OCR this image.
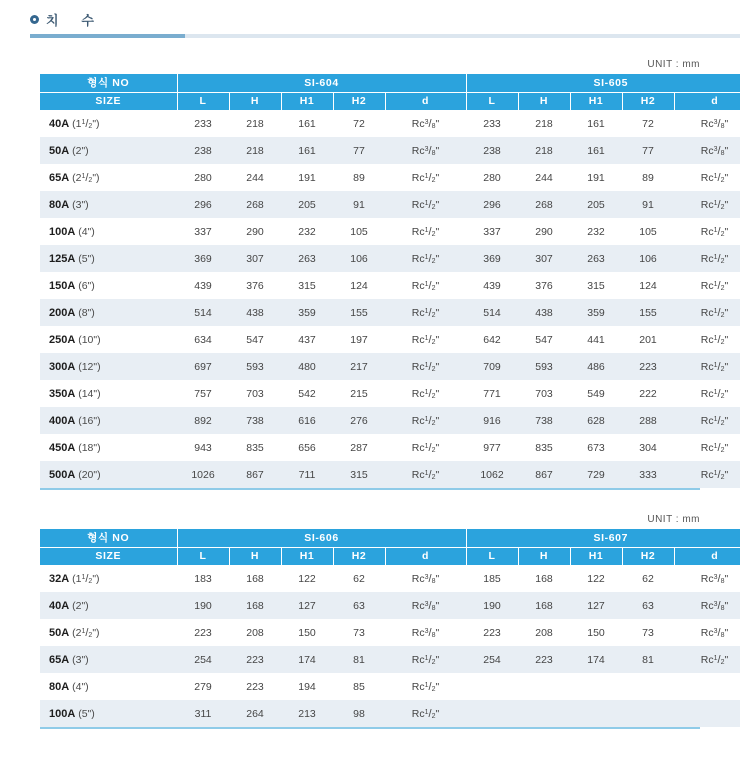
치   수
UNIT : mm
형식 NO	SI-604					SI-605				
SIZE	L	H	H1	H2	d	L	H	H1	H2	d
40A $(1^1/_2")$	233	218	161	72	$Rc^3/_8$"	233	218	161	72	$Rc^3/_8$"
50A (2")	238	218	161	77	$Rc^3/_8$"	238	218	161	77	$Rc^3/_8$"
65A $(2^1/_2")$	280	244	191	89	$Rc^1/_2$"	280	244	191	89	$Rc^1/_2$"
80A (3")	296	268	205	91	$Rc^1/_2$"	296	268	205	91	$Rc^1/_2$"
100A (4")	337	290	232	105	$Rc^1/_2$"	337	290	232	105	$Rc^1/_2$"
125A (5")	369	307	263	106	$Rc^1/_2$"	369	307	263	106	$Rc^1/_2$"
150A (6")	439	376	315	124	$Rc^1/_2$"	439	376	315	124	$Rc^1/_2$"
200A (8")	514	438	359	155	$Rc^1/_2$"	514	438	359	155	$Rc^1/_2$"
250A (10")	634	547	437	197	$Rc^1/_2$"	642	547	441	201	$Rc^1/_2$"
300A (12")	697	593	480	217	$Rc^1/_2$"	709	593	486	223	$Rc^1/_2$"
350A (14")	757	703	542	215	$Rc^1/_2$"	771	703	549	222	$Rc^1/_2$"
400A (16")	892	738	616	276	$Rc^1/_2$"	916	738	628	288	$Rc^1/_2$"
450A (18")	943	835	656	287	$Rc^1/_2$"	977	835	673	304	$Rc^1/_2$"
500A (20")	1026	867	711	315	$Rc^1/_2$"	1062	867	729	333	$Rc^1/_2$"
UNIT : mm
형식 NO	SI-606					SI-607				
SIZE	L	H	H1	H2	d	L	H	H1	H2	d
32A $(1^1/_2")$	183	168	122	62	$Rc^3/_8$"	185	168	122	62	$Rc^3/_8$"
40A (2")	190	168	127	63	$Rc^3/_8$"	190	168	127	63	$Rc^3/_8$"
50A $(2^1/_2")$	223	208	150	73	$Rc^3/_8$"	223	208	150	73	$Rc^3/_8$"
65A (3")	254	223	174	81	$Rc^1/_2$"	254	223	174	81	$Rc^1/_2$"
80A (4")	279	223	194	85	$Rc^1/_2$"					
100A (5")	311	264	213	98	$Rc^1/_2$"					
